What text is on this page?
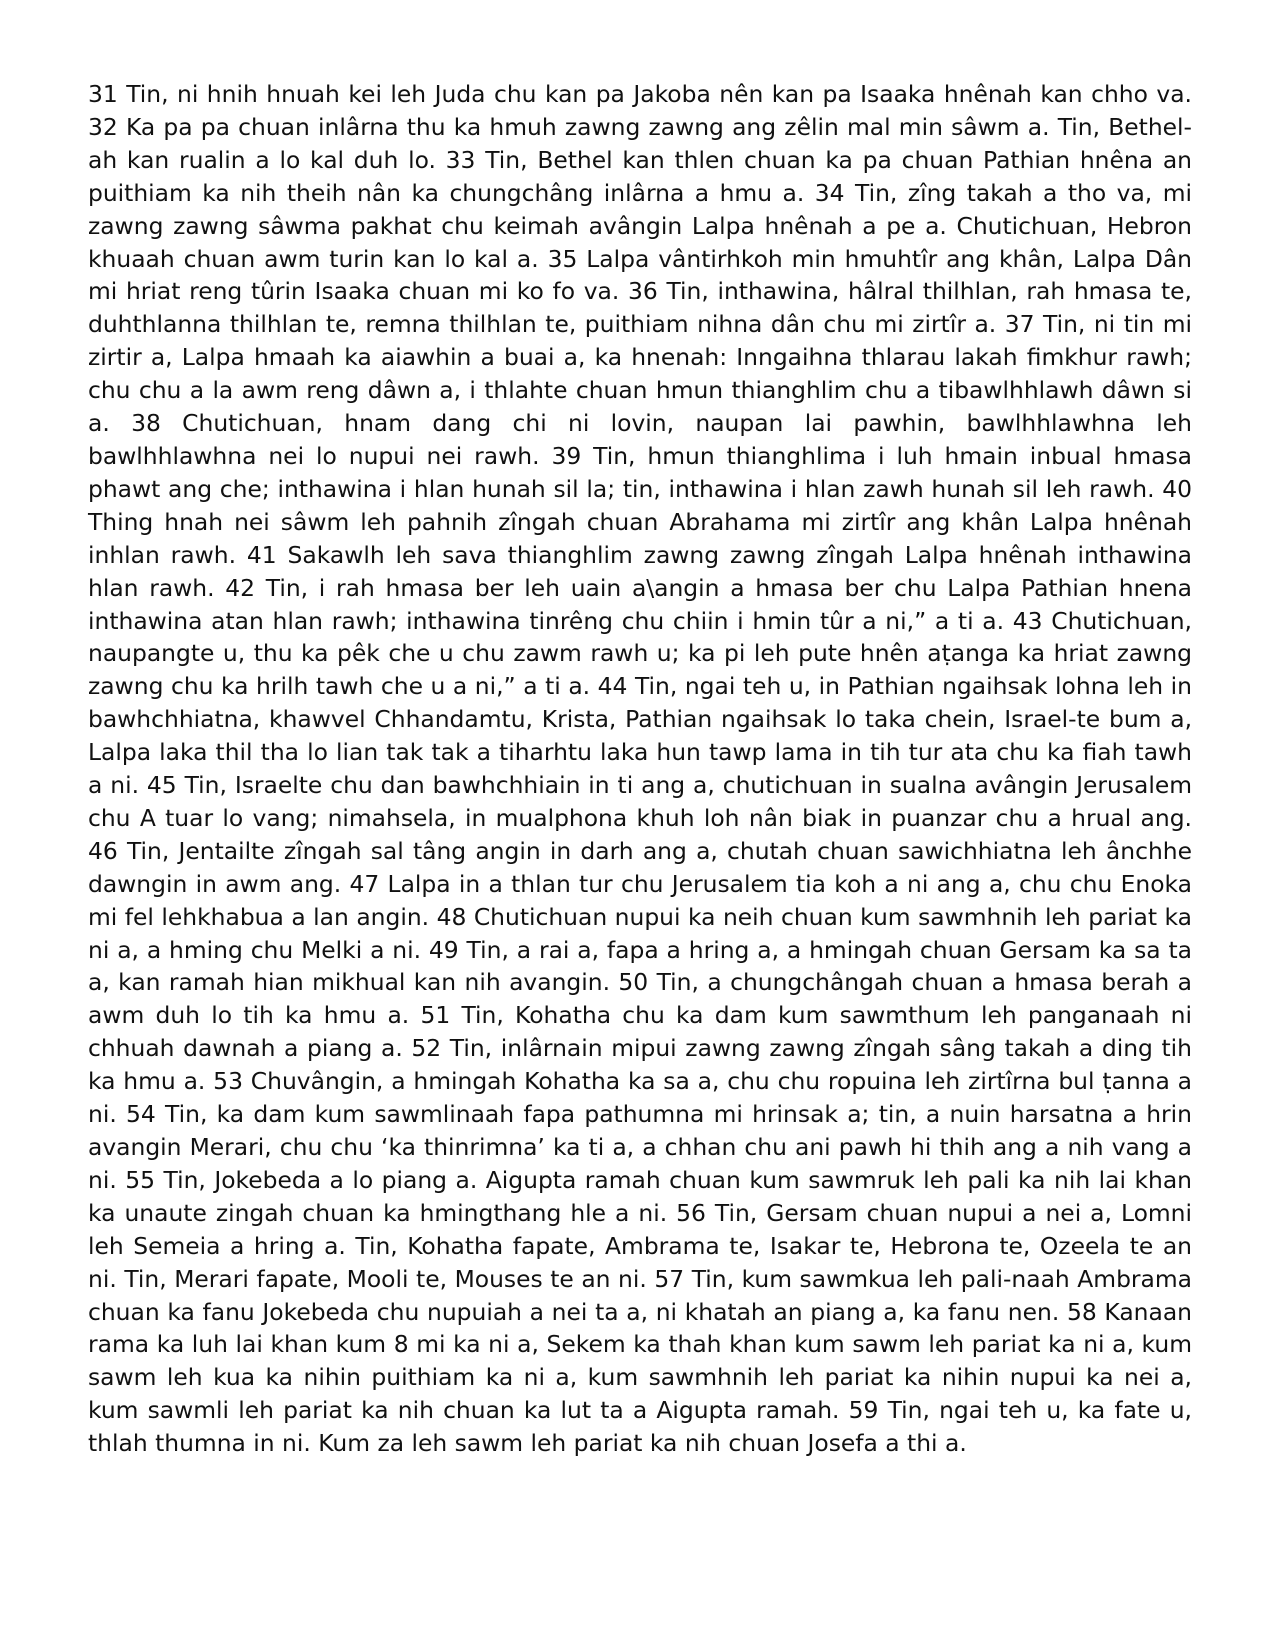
31 Tin, ni hnih hnuah kei leh Juda chu kan pa Jakoba nên kan pa Isaaka hnênah kan chho va. 32 Ka pa pa chuan inlârna thu ka hmuh zawng zawng ang zêlin mal min sâwm a. Tin, Bethel-ah kan rualin a lo kal duh lo. 33 Tin, Bethel kan thlen chuan ka pa chuan Pathian hnêna an puithiam ka nih theih nân ka chungchâng inlârna a hmu a. 34 Tin, zîng takah a tho va, mi zawng zawng sâwma pakhat chu keimah avângin Lalpa hnênah a pe a. Chutichuan, Hebron khuaah chuan awm turin kan lo kal a. 35 Lalpa vântirhkoh min hmuhtîr ang khân, Lalpa Dân mi hriat reng tûrin Isaaka chuan mi ko fo va. 36 Tin, inthawina, hâlral thilhlan, rah hmasa te, duhthlanna thilhlan te, remna thilhlan te, puithiam nihna dân chu mi zirtîr a. 37 Tin, ni tin mi zirtir a, Lalpa hmaah ka aiawhin a buai a, ka hnenah: Inngaihna thlarau lakah fimkhur rawh; chu chu a la awm reng dâwn a, i thlahte chuan hmun thianghlim chu a tibawlhhlawh dâwn si a. 38 Chutichuan, hnam dang chi ni lovin, naupan lai pawhin, bawlhhlawhna leh bawlhhlawhna nei lo nupui nei rawh. 39 Tin, hmun thianghlima i luh hmain inbual hmasa phawt ang che; inthawina i hlan hunah sil la; tin, inthawina i hlan zawh hunah sil leh rawh. 40 Thing hnah nei sâwm leh pahnih zîngah chuan Abrahama mi zirtîr ang khân Lalpa hnênah inhlan rawh. 41 Sakawlh leh sava thianghlim zawng zawng zîngah Lalpa hnênah inthawina hlan rawh. 42 Tin, i rah hmasa ber leh uain a\angin a hmasa ber chu Lalpa Pathian hnena inthawina atan hlan rawh; inthawina tinrêng chu chiin i hmin tûr a ni,” a ti a. 43 Chutichuan, naupangte u, thu ka pêk che u chu zawm rawh u; ka pi leh pute hnên aṭanga ka hriat zawng zawng chu ka hrilh tawh che u a ni,” a ti a. 44 Tin, ngai teh u, in Pathian ngaihsak lohna leh in bawhchhiatna, khawvel Chhandamtu, Krista, Pathian ngaihsak lo taka chein, Israel-te bum a, Lalpa laka thil tha lo lian tak tak a tiharhtu laka hun tawp lama in tih tur ata chu ka fiah tawh a ni. 45 Tin, Israelte chu dan bawhchhiain in ti ang a, chutichuan in sualna avângin Jerusalem chu A tuar lo vang; nimahsela, in mualphona khuh loh nân biak in puanzar chu a hrual ang. 46 Tin, Jentailte zîngah sal tâng angin in darh ang a, chutah chuan sawichhiatna leh ânchhe dawngin in awm ang. 47 Lalpa in a thlan tur chu Jerusalem tia koh a ni ang a, chu chu Enoka mi fel lehkhabua a lan angin. 48 Chutichuan nupui ka neih chuan kum sawmhnih leh pariat ka ni a, a hming chu Melki a ni. 49 Tin, a rai a, fapa a hring a, a hmingah chuan Gersam ka sa ta a, kan ramah hian mikhual kan nih avangin. 50 Tin, a chungchângah chuan a hmasa berah a awm duh lo tih ka hmu a. 51 Tin, Kohatha chu ka dam kum sawmthum leh panganaah ni chhuah dawnah a piang a. 52 Tin, inlârnain mipui zawng zawng zîngah sâng takah a ding tih ka hmu a. 53 Chuvângin, a hmingah Kohatha ka sa a, chu chu ropuina leh zirtîrna bul ṭanna a ni. 54 Tin, ka dam kum sawmlinaah fapa pathumna mi hrinsak a; tin, a nuin harsatna a hrin avangin Merari, chu chu ‘ka thinrimna’ ka ti a, a chhan chu ani pawh hi thih ang a nih vang a ni. 55 Tin, Jokebeda a lo piang a. Aigupta ramah chuan kum sawmruk leh pali ka nih lai khan ka unaute zingah chuan ka hmingthang hle a ni. 56 Tin, Gersam chuan nupui a nei a, Lomni leh Semeia a hring a. Tin, Kohatha fapate, Ambrama te, Isakar te, Hebrona te, Ozeela te an ni. Tin, Merari fapate, Mooli te, Mouses te an ni. 57 Tin, kum sawmkua leh pali-naah Ambrama chuan ka fanu Jokebeda chu nupuiah a nei ta a, ni khatah an piang a, ka fanu nen. 58 Kanaan rama ka luh lai khan kum 8 mi ka ni a, Sekem ka thah khan kum sawm leh pariat ka ni a, kum sawm leh kua ka nihin puithiam ka ni a, kum sawmhnih leh pariat ka nihin nupui ka nei a, kum sawmli leh pariat ka nih chuan ka lut ta a Aigupta ramah. 59 Tin, ngai teh u, ka fate u, thlah thumna in ni. Kum za leh sawm leh pariat ka nih chuan Josefa a thi a.
